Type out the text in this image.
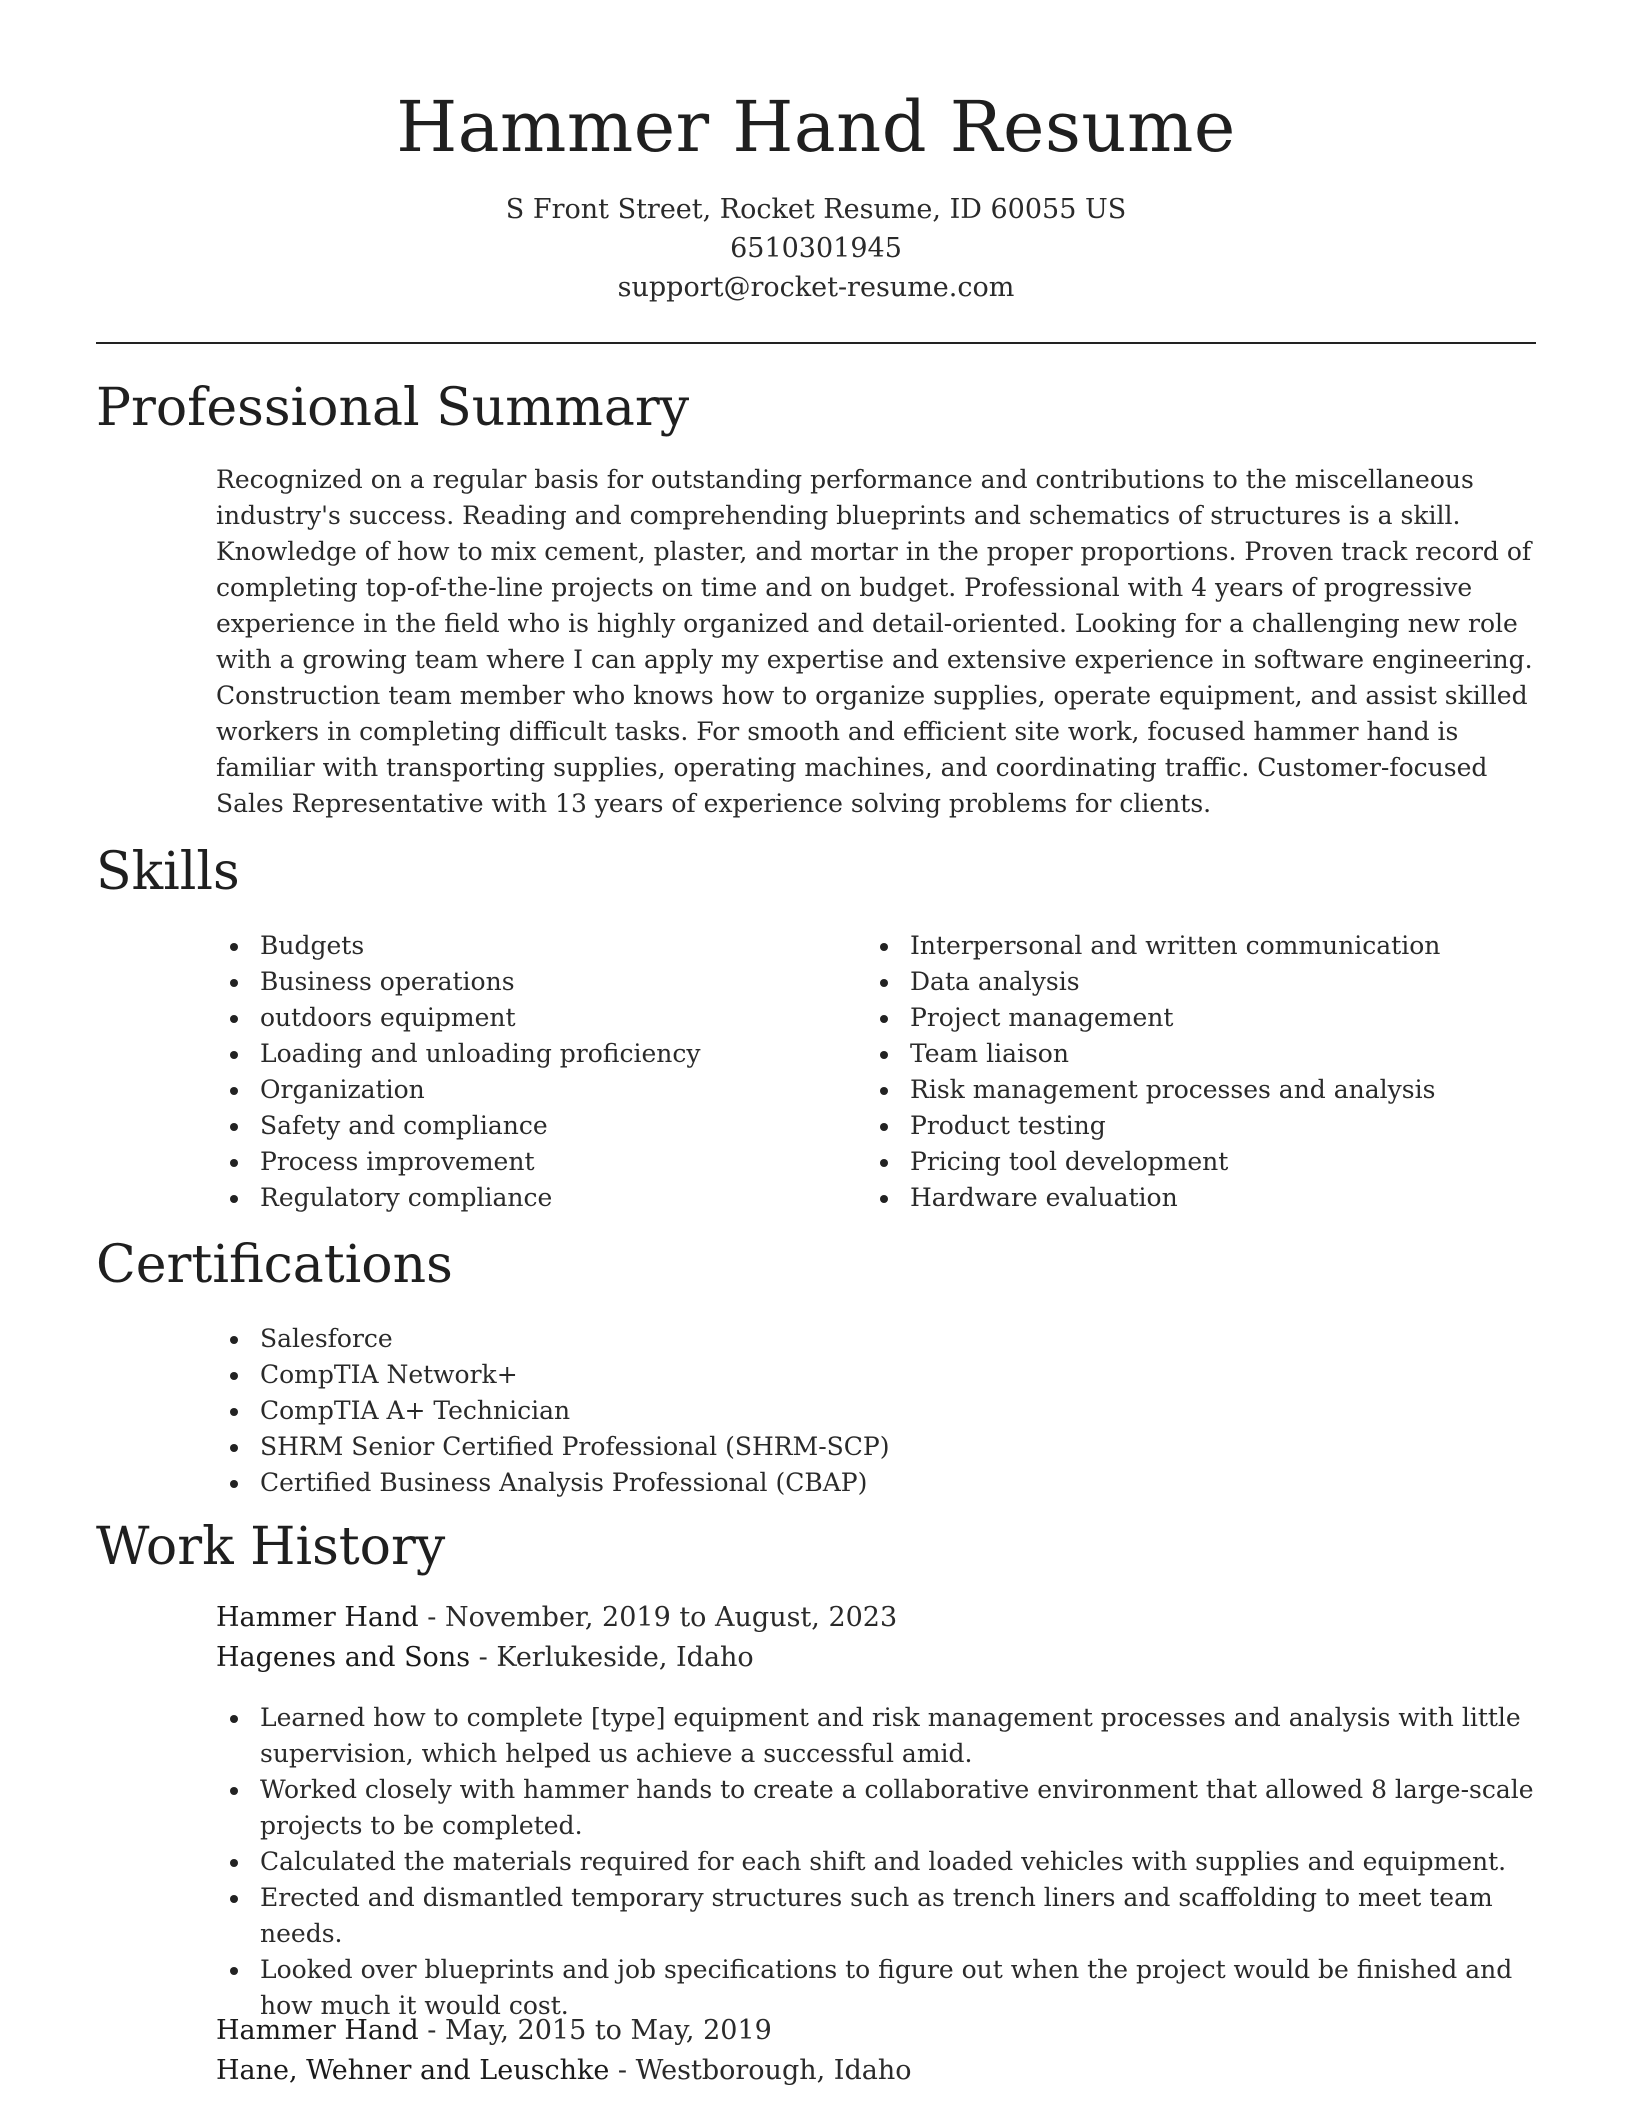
Hammer Hand Resume
S Front Street, Rocket Resume, ID 60055 US
6510301945
support@rocket-resume.com
Professional Summary

Recognized on a regular basis for outstanding performance and contributions to the miscellaneous industry's success. Reading and comprehending blueprints and schematics of structures is a skill. Knowledge of how to mix cement, plaster, and mortar in the proper proportions. Proven track record of completing top-of-the-line projects on time and on budget. Professional with 4 years of progressive experience in the field who is highly organized and detail-oriented. Looking for a challenging new role with a growing team where I can apply my expertise and extensive experience in software engineering. Construction team member who knows how to organize supplies, operate equipment, and assist skilled workers in completing difficult tasks. For smooth and efficient site work, focused hammer hand is familiar with transporting supplies, operating machines, and coordinating traffic. Customer-focused Sales Representative with 13 years of experience solving problems for clients.

Skills
Budgets
Business operations
outdoors equipment
Loading and unloading proficiency
Organization
Safety and compliance
Process improvement
Regulatory compliance
Interpersonal and written communication
Data analysis
Project management
Team liaison
Risk management processes and analysis
Product testing
Pricing tool development
Hardware evaluation
Certifications
Salesforce
CompTIA Network+
CompTIA A+ Technician
SHRM Senior Certified Professional (SHRM-SCP)
Certified Business Analysis Professional (CBAP)
Work History
Hammer Hand - November, 2019 to August, 2023
Hagenes and Sons - Kerlukeside, Idaho
Learned how to complete [type] equipment and risk management processes and analysis with little supervision, which helped us achieve a successful amid.
Worked closely with hammer hands to create a collaborative environment that allowed 8 large-scale projects to be completed.
Calculated the materials required for each shift and loaded vehicles with supplies and equipment.
Erected and dismantled temporary structures such as trench liners and scaffolding to meet team needs.
Looked over blueprints and job specifications to figure out when the project would be finished and how much it would cost.
Hammer Hand - May, 2015 to May, 2019
Hane, Wehner and Leuschke - Westborough, Idaho
